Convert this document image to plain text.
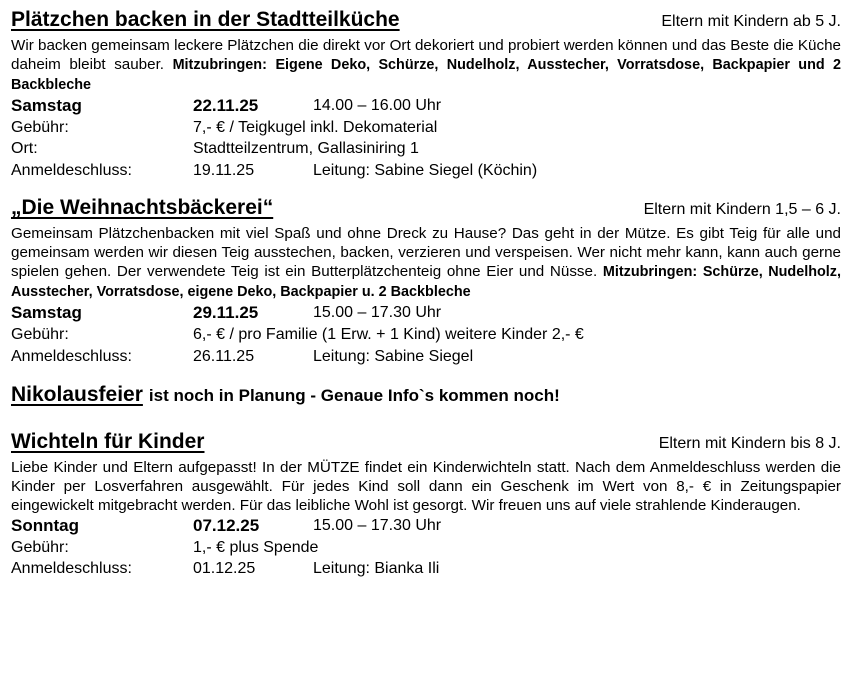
Plätzchen backen in der Stadtteilküche	Eltern mit Kindern ab 5 J.

Wir backen gemeinsam leckere Plätzchen die direkt vor Ort dekoriert und probiert werden können und das Beste die Küche daheim bleibt sauber. Mitzubringen: Eigene Deko, Schürze, Nudelholz, Ausstecher, Vorratsdose, Backpapier und 2 Backbleche

Samstag	22.11.25	14.00 – 16.00 Uhr
Gebühr:	7,- € / Teigkugel inkl. Dekomaterial
Ort:	Stadtteilzentrum, Gallasiniring 1
Anmeldeschluss:	19.11.25	Leitung: Sabine Siegel (Köchin)
„Die Weihnachtsbäckerei“	Eltern mit Kindern 1,5 – 6 J.

Gemeinsam Plätzchenbacken mit viel Spaß und ohne Dreck zu Hause? Das geht in der Mütze. Es gibt Teig für alle und gemeinsam werden wir diesen Teig ausstechen, backen, verzieren und verspeisen. Wer nicht mehr kann, kann auch gerne spielen gehen. Der verwendete Teig ist ein Butterplätzchenteig ohne Eier und Nüsse. Mitzubringen: Schürze, Nudelholz, Ausstecher, Vorratsdose, eigene Deko, Backpapier u. 2 Backbleche

Samstag	29.11.25	15.00 – 17.30 Uhr
Gebühr:	6,- € / pro Familie (1 Erw. + 1 Kind) weitere Kinder 2,- €
Anmeldeschluss:	26.11.25	Leitung: Sabine Siegel
Nikolausfeier ist noch in Planung - Genaue Info`s kommen noch!
Wichteln für Kinder	Eltern mit Kindern bis 8 J.

Liebe Kinder und Eltern aufgepasst! In der MÜTZE findet ein Kinderwichteln statt. Nach dem Anmeldeschluss werden die Kinder per Losverfahren ausgewählt. Für jedes Kind soll dann ein Geschenk im Wert von 8,- € in Zeitungspapier eingewickelt mitgebracht werden. Für das leibliche Wohl ist gesorgt. Wir freuen uns auf viele strahlende Kinderaugen.

Sonntag	07.12.25	15.00 – 17.30 Uhr
Gebühr:	1,- € plus Spende
Anmeldeschluss:	01.12.25	Leitung: Bianka Ili
